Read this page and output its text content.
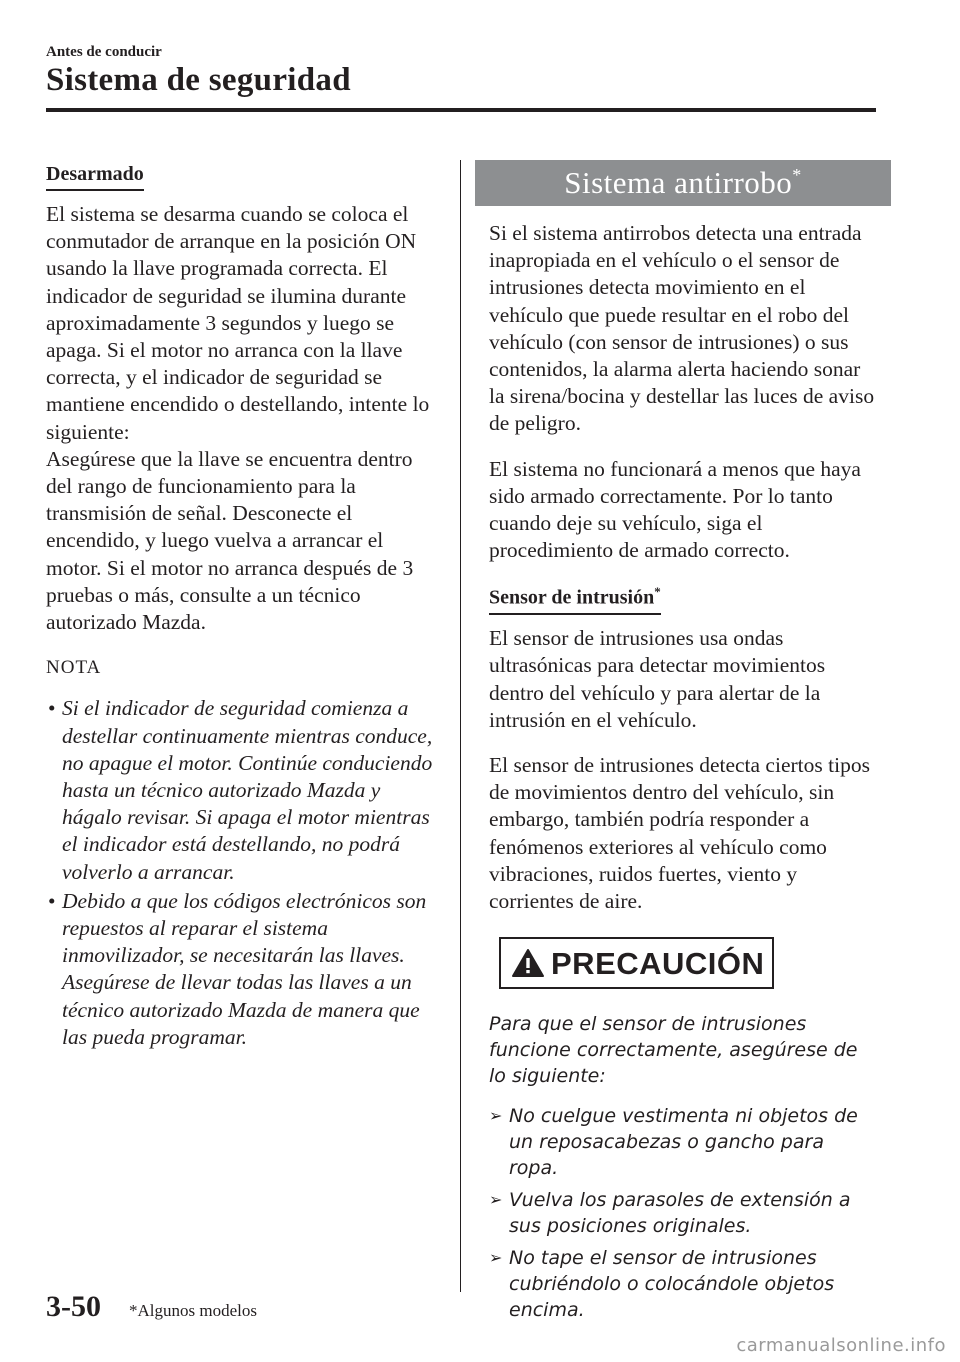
Antes de conducir
Sistema de seguridad
Desarmado

El sistema se desarma cuando se coloca el conmutador de arranque en la posición ON usando la llave programada correcta. El indicador de seguridad se ilumina durante aproximadamente 3 segundos y luego se apaga. Si el motor no arranca con la llave correcta, y el indicador de seguridad se mantiene encendido o destellando, intente lo siguiente:

Asegúrese que la llave se encuentra dentro del rango de funcionamiento para la transmisión de señal. Desconecte el encendido, y luego vuelva a arrancar el motor. Si el motor no arranca después de 3 pruebas o más, consulte a un técnico autorizado Mazda.

NOTA
• Si el indicador de seguridad comienza a destellar continuamente mientras conduce, no apague el motor. Continúe conduciendo hasta un técnico autorizado Mazda y hágalo revisar. Si apaga el motor mientras el indicador está destellando, no podrá volverlo a arrancar.
• Debido a que los códigos electrónicos son repuestos al reparar el sistema inmovilizador, se necesitarán las llaves. Asegúrese de llevar todas las llaves a un técnico autorizado Mazda de manera que las pueda programar.
Sistema antirrobo*

Si el sistema antirrobos detecta una entrada inapropiada en el vehículo o el sensor de intrusiones detecta movimiento en el vehículo que puede resultar en el robo del vehículo (con sensor de intrusiones) o sus contenidos, la alarma alerta haciendo sonar la sirena/bocina y destellar las luces de aviso de peligro.

El sistema no funcionará a menos que haya sido armado correctamente. Por lo tanto cuando deje su vehículo, siga el procedimiento de armado correcto.

Sensor de intrusión*

El sensor de intrusiones usa ondas ultrasónicas para detectar movimientos dentro del vehículo y para alertar de la intrusión en el vehículo.

El sensor de intrusiones detecta ciertos tipos de movimientos dentro del vehículo, sin embargo, también podría responder a fenómenos exteriores al vehículo como vibraciones, ruidos fuertes, viento y corrientes de aire.

PRECAUCIÓN

Para que el sensor de intrusiones funcione correctamente, asegúrese de lo siguiente:

➢ No cuelgue vestimenta ni objetos de un reposacabezas o gancho para ropa.
➢ Vuelva los parasoles de extensión a sus posiciones originales.
➢ No tape el sensor de intrusiones cubriéndolo o colocándole objetos encima.
3-50 *Algunos modelos
carmanualsonline.info
